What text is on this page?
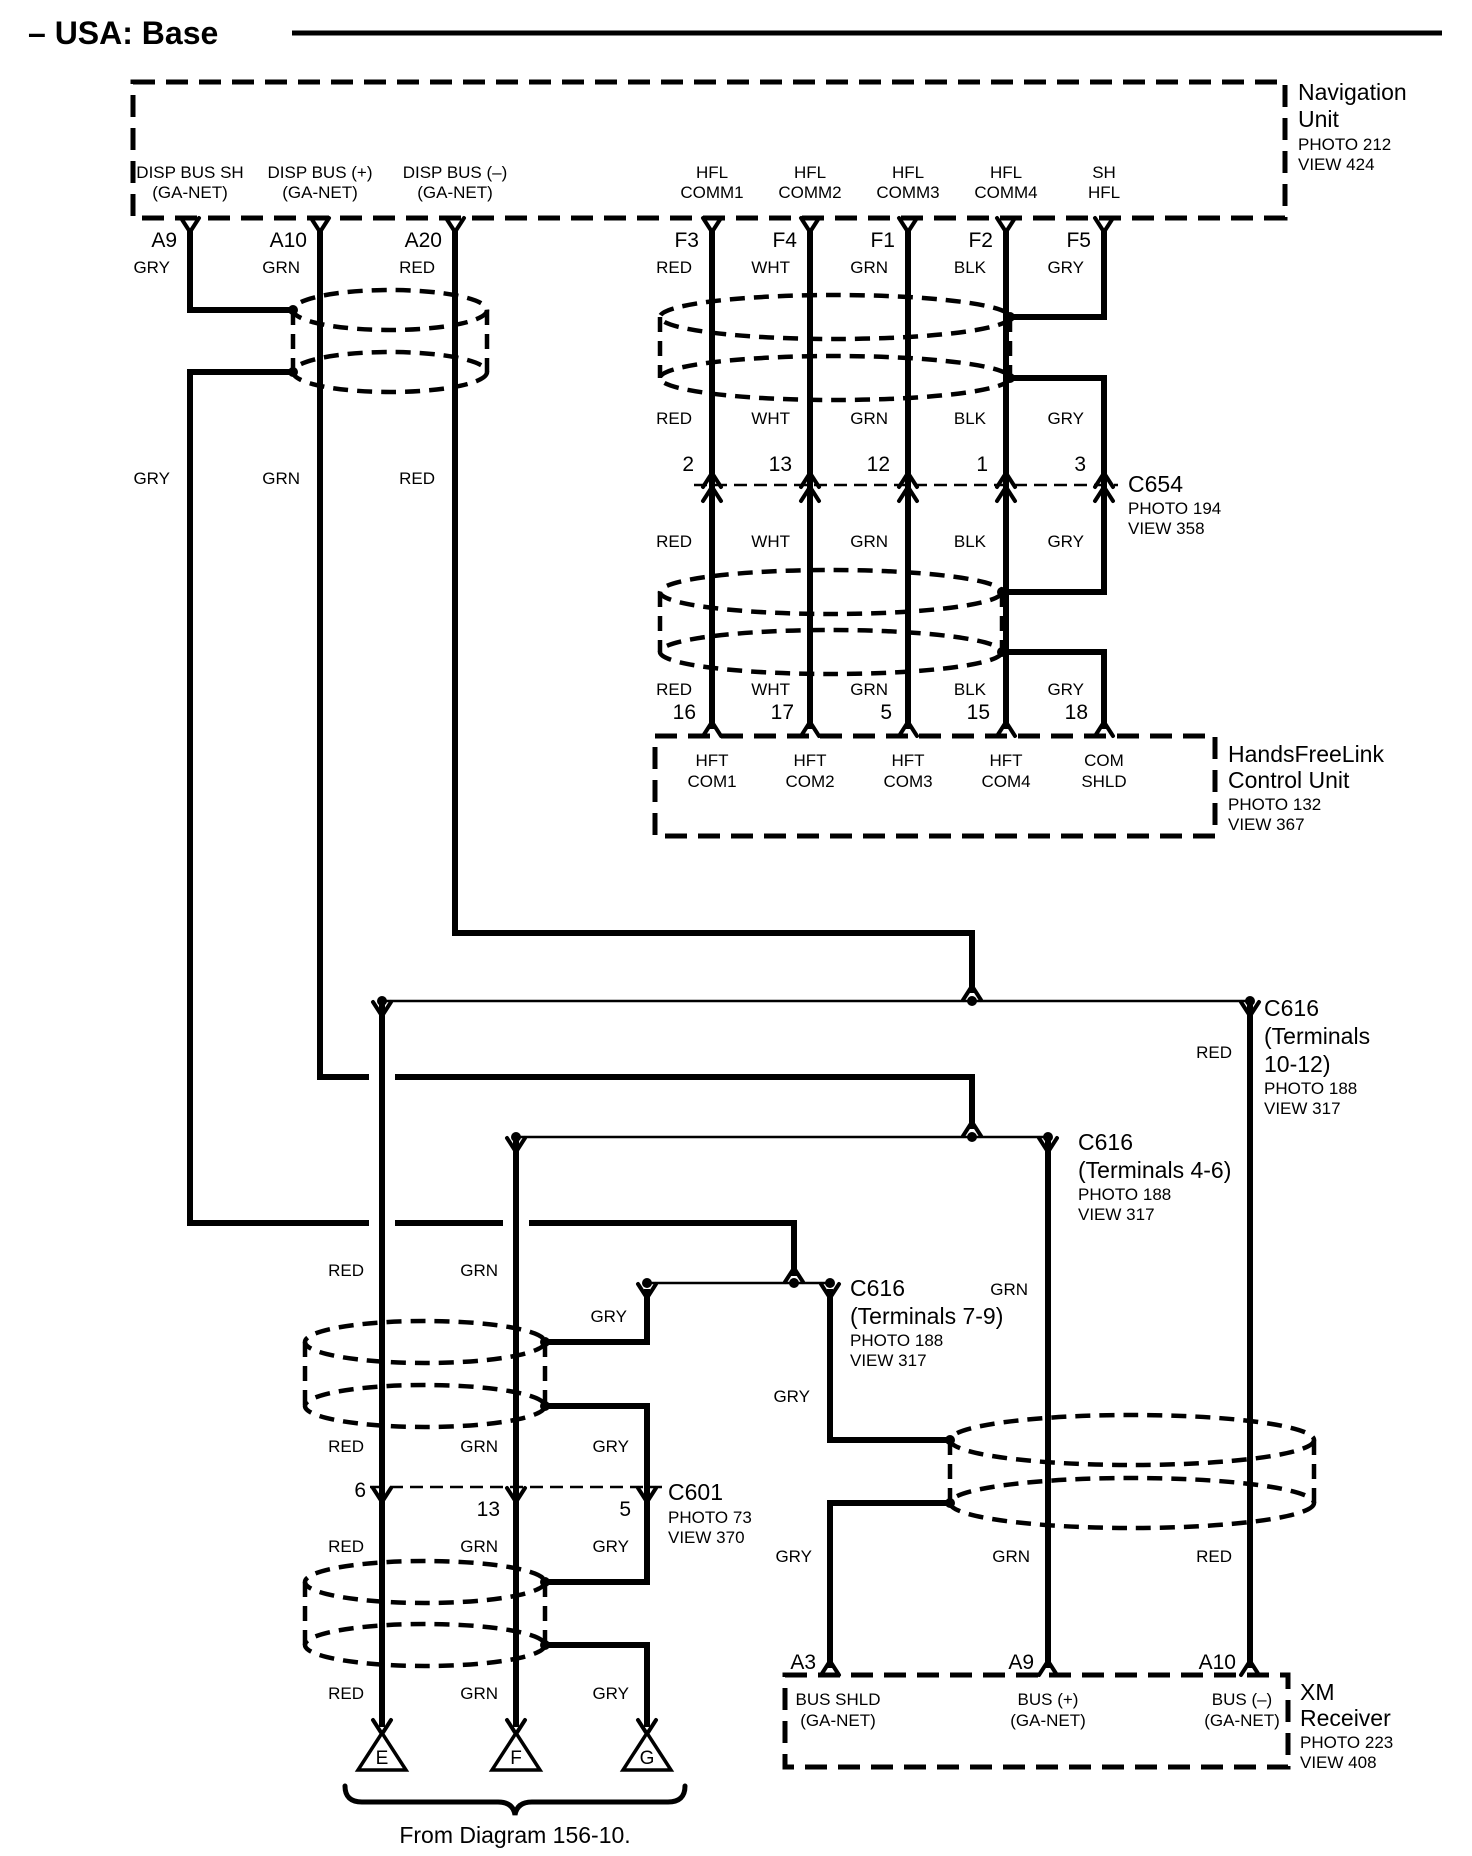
– USA: Base
E	F	G
From Diagram 156-10.
Navigation
Unit
PHOTO 212
VIEW 424
DISP BUS SH
(GA-NET)
DISP BUS (+)
(GA-NET)
DISP BUS (–)
(GA-NET)
HFL
COMM1
HFL
COMM2
HFL
COMM3
HFL
COMM4
SH
HFL
A9	A10	A20	F3	F4	F1	F2	F5
GRY	GRN	RED	RED	WHT	GRN	BLK	GRY
GRY	GRN	RED
RED	WHT	GRN	BLK	GRY
2	13	12	1	3
C654
PHOTO 194
VIEW 358
RED	WHT	GRN	BLK	GRY
RED	WHT	GRN	BLK	GRY
16	17	5	15	18
HFT
COM1
HFT
COM2
HFT
COM3
HFT
COM4
COM
SHLD
HandsFreeLink
Control Unit
PHOTO 132
VIEW 367
C616
(Terminals
10-12)
PHOTO 188
VIEW 317
RED
C616
(Terminals 4-6)
PHOTO 188
VIEW 317
GRN
C616
(Terminals 7-9)
PHOTO 188
VIEW 317
GRY
GRY
RED	GRN
RED	GRN	GRY
RED	GRN	GRY
RED	GRN	GRY
6
13	5
C601
PHOTO 73
VIEW 370
GRY	GRN	RED
A3	A9	A10
BUS SHLD
(GA-NET)
BUS (+)
(GA-NET)
BUS (–)
(GA-NET)
XM
Receiver
PHOTO 223
VIEW 408
